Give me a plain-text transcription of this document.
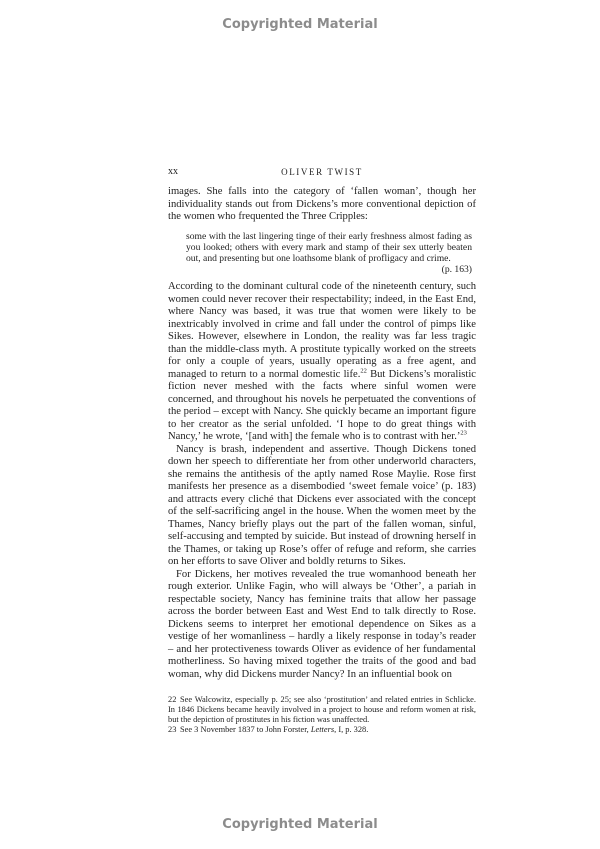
Copyrighted Material
xx	OLIVER TWIST

images. She falls into the category of ‘fallen woman’, though her individuality stands out from Dickens’s more conventional depiction of the women who frequented the Three Cripples:

some with the last lingering tinge of their early freshness almost fading as you looked; others with every mark and stamp of their sex utterly beaten out, and presenting but one loathsome blank of profligacy and crime.
(p. 163)

According to the dominant cultural code of the nineteenth century, such women could never recover their respectability; indeed, in the East End, where Nancy was based, it was true that women were likely to be inextricably involved in crime and fall under the control of pimps like Sikes. However, elsewhere in London, the reality was far less tragic than the middle-class myth. A prostitute typically worked on the streets for only a couple of years, usually operating as a free agent, and managed to return to a normal domestic life.$^{22}$ But Dickens’s moralistic fiction never meshed with the facts where sinful women were concerned, and throughout his novels he perpetuated the conventions of the period – except with Nancy. She quickly became an important figure to her creator as the serial unfolded. ‘I hope to do great things with Nancy,’ he wrote, ‘[and with] the female who is to contrast with her.’$^{23}$

Nancy is brash, independent and assertive. Though Dickens toned down her speech to differentiate her from other underworld characters, she remains the antithesis of the aptly named Rose Maylie. Rose first manifests her presence as a disembodied ‘sweet female voice’ (p. 183) and attracts every cliché that Dickens ever associated with the concept of the self-sacrificing angel in the house. When the women meet by the Thames, Nancy briefly plays out the part of the fallen woman, sinful, self-accusing and tempted by suicide. But instead of drowning herself in the Thames, or taking up Rose’s offer of refuge and reform, she carries on her efforts to save Oliver and boldly returns to Sikes.

For Dickens, her motives revealed the true womanhood beneath her rough exterior. Unlike Fagin, who will always be ‘Other’, a pariah in respectable society, Nancy has feminine traits that allow her passage across the border between East and West End to talk directly to Rose. Dickens seems to interpret her emotional dependence on Sikes as a vestige of her womanliness – hardly a likely response in today’s reader – and her protectiveness towards Oliver as evidence of her fundamental motherliness. So having mixed together the traits of the good and bad woman, why did Dickens murder Nancy? In an influential book on

22 See Walcowitz, especially p. 25; see also ‘prostitution’ and related entries in Schlicke. In 1846 Dickens became heavily involved in a project to house and reform women at risk, but the depiction of prostitutes in his fiction was unaffected.
23 See 3 November 1837 to John Forster, Letters, I, p. 328.
Copyrighted Material
